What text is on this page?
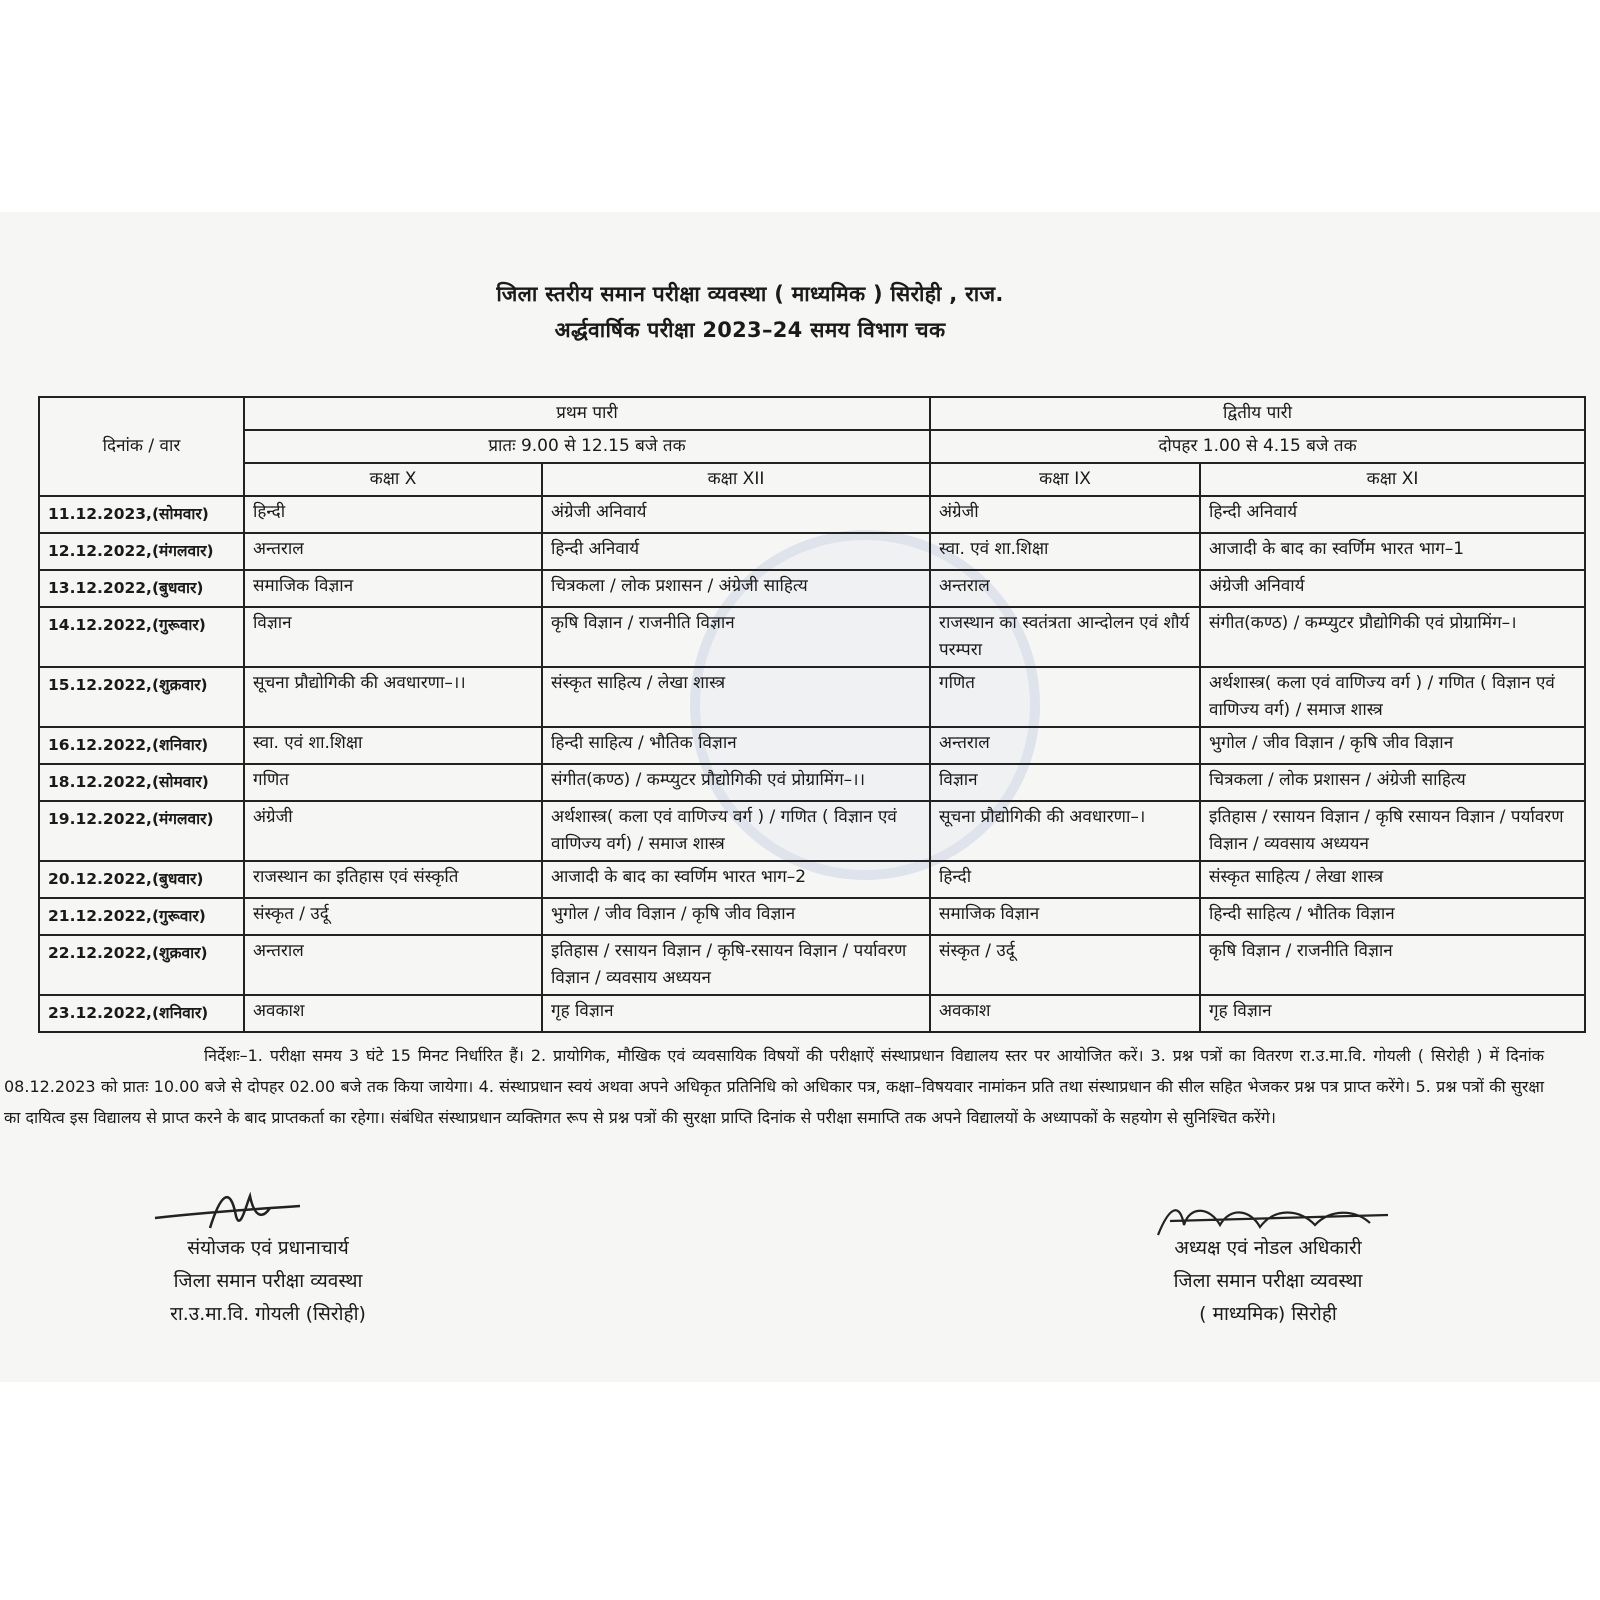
जिला स्तरीय समान परीक्षा व्यवस्था ( माध्यमिक ) सिरोही , राज.
अर्द्धवार्षिक परीक्षा 2023–24 समय विभाग चक
दिनांक / वार	प्रथम पारी		द्वितीय पारी	
	प्रातः 9.00 से 12.15 बजे तक		दोपहर 1.00 से 4.15 बजे तक	
	कक्षा X	कक्षा XII	कक्षा IX	कक्षा XI
11.12.2023,(सोमवार)	हिन्दी	अंग्रेजी अनिवार्य	अंग्रेजी	हिन्दी अनिवार्य
12.12.2022,(मंगलवार)	अन्तराल	हिन्दी अनिवार्य	स्वा. एवं शा.शिक्षा	आजादी के बाद का स्वर्णिम भारत भाग–1
13.12.2022,(बुधवार)	समाजिक विज्ञान	चित्रकला / लोक प्रशासन / अंग्रेजी साहित्य	अन्तराल	अंग्रेजी अनिवार्य
14.12.2022,(गुरूवार)	विज्ञान	कृषि विज्ञान / राजनीति विज्ञान	राजस्थान का स्वतंत्रता आन्दोलन एवं शौर्य परम्परा	संगीत(कण्ठ) / कम्प्युटर प्रौद्योगिकी एवं प्रोग्रामिंग–।
15.12.2022,(शुक्रवार)	सूचना प्रौद्योगिकी की अवधारणा–।।	संस्कृत साहित्य / लेखा शास्त्र	गणित	अर्थशास्त्र( कला एवं वाणिज्य वर्ग ) / गणित ( विज्ञान एवं वाणिज्य वर्ग) / समाज शास्त्र
16.12.2022,(शनिवार)	स्वा. एवं शा.शिक्षा	हिन्दी साहित्य / भौतिक विज्ञान	अन्तराल	भुगोल / जीव विज्ञान / कृषि जीव विज्ञान
18.12.2022,(सोमवार)	गणित	संगीत(कण्ठ) / कम्प्युटर प्रौद्योगिकी एवं प्रोग्रामिंग–।।	विज्ञान	चित्रकला / लोक प्रशासन / अंग्रेजी साहित्य
19.12.2022,(मंगलवार)	अंग्रेजी	अर्थशास्त्र( कला एवं वाणिज्य वर्ग ) / गणित ( विज्ञान एवं वाणिज्य वर्ग) / समाज शास्त्र	सूचना प्रौद्योगिकी की अवधारणा–।	इतिहास / रसायन विज्ञान / कृषि रसायन विज्ञान / पर्यावरण विज्ञान / व्यवसाय अध्ययन
20.12.2022,(बुधवार)	राजस्थान का इतिहास एवं संस्कृति	आजादी के बाद का स्वर्णिम भारत भाग–2	हिन्दी	संस्कृत साहित्य / लेखा शास्त्र
21.12.2022,(गुरूवार)	संस्कृत / उर्दू	भुगोल / जीव विज्ञान / कृषि जीव विज्ञान	समाजिक विज्ञान	हिन्दी साहित्य / भौतिक विज्ञान
22.12.2022,(शुक्रवार)	अन्तराल	इतिहास / रसायन विज्ञान / कृषि-रसायन विज्ञान / पर्यावरण विज्ञान / व्यवसाय अध्ययन	संस्कृत / उर्दू	कृषि विज्ञान / राजनीति विज्ञान
23.12.2022,(शनिवार)	अवकाश	गृह विज्ञान	अवकाश	गृह विज्ञान
निर्देशः–1. परीक्षा समय 3 घंटे 15 मिनट निर्धारित हैं। 2. प्रायोगिक, मौखिक एवं व्यवसायिक विषयों की परीक्षाऐं संस्थाप्रधान विद्यालय स्तर पर आयोजित करें। 3. प्रश्न पत्रों का वितरण रा.उ.मा.वि. गोयली ( सिरोही ) में दिनांक 08.12.2023 को प्रातः 10.00 बजे से दोपहर 02.00 बजे तक किया जायेगा। 4. संस्थाप्रधान स्वयं अथवा अपने अधिकृत प्रतिनिधि को अधिकार पत्र, कक्षा–विषयवार नामांकन प्रति तथा संस्थाप्रधान की सील सहित भेजकर प्रश्न पत्र प्राप्त करेंगे। 5. प्रश्न पत्रों की सुरक्षा का दायित्व इस विद्यालय से प्राप्त करने के बाद प्राप्तकर्ता का रहेगा। संबंधित संस्थाप्रधान व्यक्तिगत रूप से प्रश्न पत्रों की सुरक्षा प्राप्ति दिनांक से परीक्षा समाप्ति तक अपने विद्यालयों के अध्यापकों के सहयोग से सुनिश्चित करेंगे।
संयोजक एवं प्रधानाचार्य
जिला समान परीक्षा व्यवस्था
रा.उ.मा.वि. गोयली (सिरोही)
अध्यक्ष एवं नोडल अधिकारी
जिला समान परीक्षा व्यवस्था
( माध्यमिक) सिरोही
